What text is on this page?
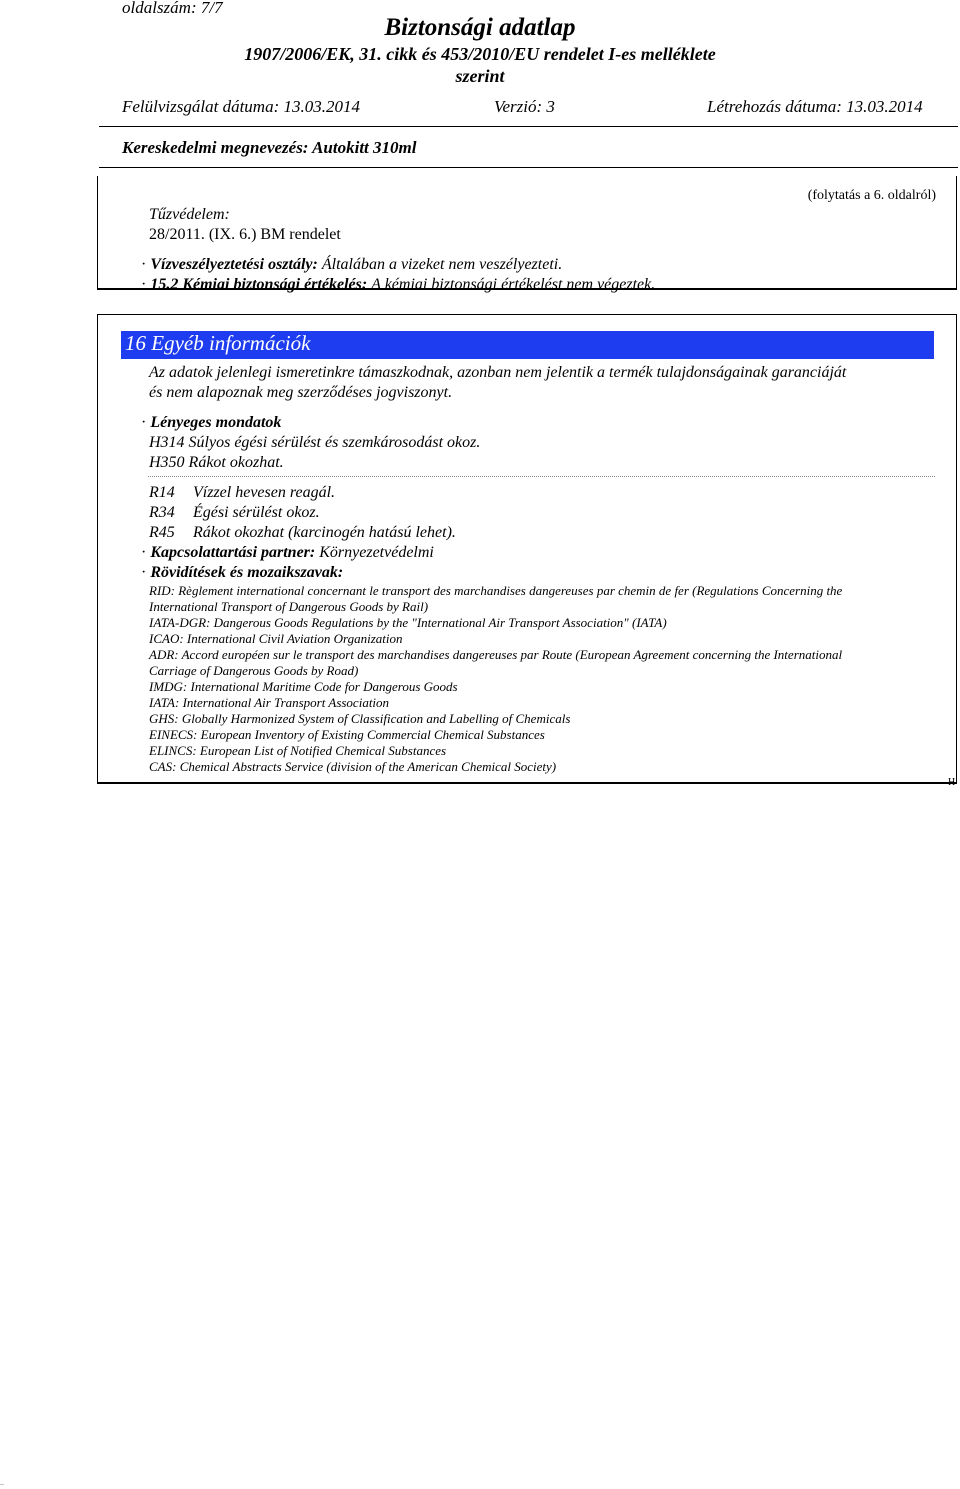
oldalszám: 7/7
Biztonsági adatlap
1907/2006/EK, 31. cikk és 453/2010/EU rendelet I-es melléklete
szerint
Felülvizsgálat dátuma: 13.03.2014	Verzió: 3	Létrehozás dátuma: 13.03.2014
Kereskedelmi megnevezés: Autokitt 310ml
(folytatás a 6. oldalról)
Tűzvédelem:
28/2011. (IX. 6.) BM rendelet
· Vízveszélyeztetési osztály: Általában a vizeket nem veszélyezteti.
· 15.2 Kémiai biztonsági értékelés: A kémiai biztonsági értékelést nem végeztek.
16 Egyéb információk
Az adatok jelenlegi ismeretinkre támaszkodnak, azonban nem jelentik a termék tulajdonságainak garanciáját
és nem alapoznak meg szerződéses jogviszonyt.
· Lényeges mondatok
H314 Súlyos égési sérülést és szemkárosodást okoz.
H350 Rákot okozhat.
R14 Vízzel hevesen reagál.
R34 Égési sérülést okoz.
R45 Rákot okozhat (karcinogén hatású lehet).
· Kapcsolattartási partner: Környezetvédelmi
· Rövidítések és mozaikszavak:
RID: Règlement international concernant le transport des marchandises dangereuses par chemin de fer (Regulations Concerning the
International Transport of Dangerous Goods by Rail)
IATA-DGR: Dangerous Goods Regulations by the "International Air Transport Association" (IATA)
ICAO: International Civil Aviation Organization
ADR: Accord européen sur le transport des marchandises dangereuses par Route (European Agreement concerning the International
Carriage of Dangerous Goods by Road)
IMDG: International Maritime Code for Dangerous Goods
IATA: International Air Transport Association
GHS: Globally Harmonized System of Classification and Labelling of Chemicals
EINECS: European Inventory of Existing Commercial Chemical Substances
ELINCS: European List of Notified Chemical Substances
CAS: Chemical Abstracts Service (division of the American Chemical Society)
H
..
